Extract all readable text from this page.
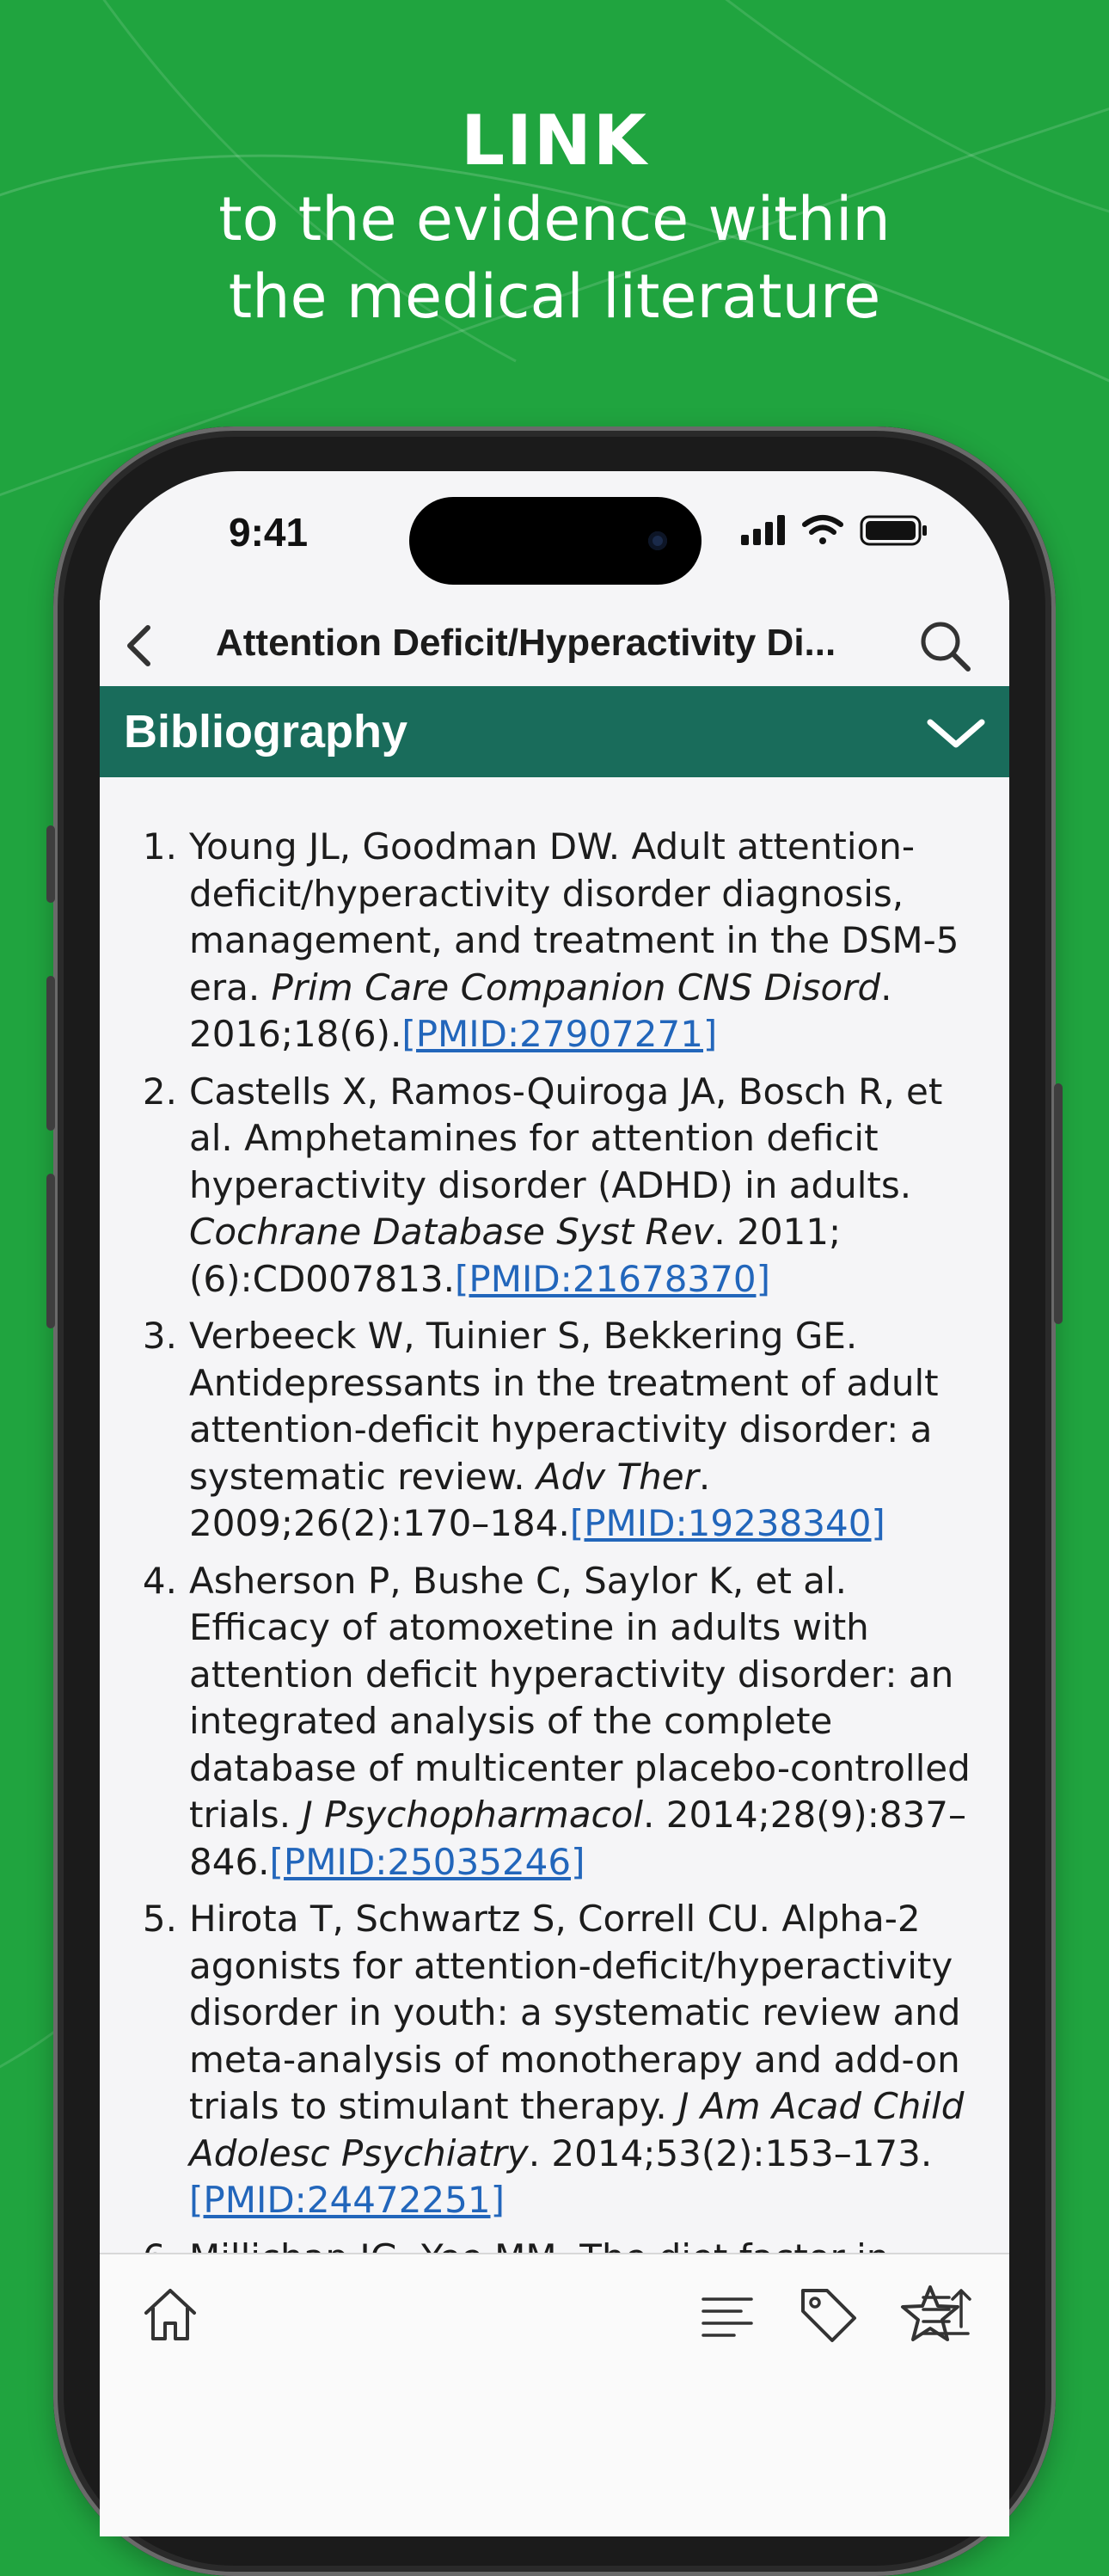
LINK
to the evidence within
the medical literature
9:41
Attention Deficit/Hyperactivity Di...
Bibliography
1. Young JL, Goodman DW. Adult attention-deficit/hyperactivity disorder diagnosis, management, and treatment in the DSM-5 era. Prim Care Companion CNS Disord. 2016;18(6).[PMID:27907271]
2. Castells X, Ramos-Quiroga JA, Bosch R, et al. Amphetamines for attention deficit hyperactivity disorder (ADHD) in adults. Cochrane Database Syst Rev. 2011;(6):CD007813.[PMID:21678370]
3. Verbeeck W, Tuinier S, Bekkering GE. Antidepressants in the treatment of adult attention-deficit hyperactivity disorder: a systematic review. Adv Ther. 2009;26(2):170–184.[PMID:19238340]
4. Asherson P, Bushe C, Saylor K, et al. Efficacy of atomoxetine in adults with attention deficit hyperactivity disorder: an integrated analysis of the complete database of multicenter placebo-controlled trials. J Psychopharmacol. 2014;28(9):837–846.[PMID:25035246]
5. Hirota T, Schwartz S, Correll CU. Alpha-2 agonists for attention-deficit/hyperactivity disorder in youth: a systematic review and meta-analysis of monotherapy and add-on trials to stimulant therapy. J Am Acad Child Adolesc Psychiatry. 2014;53(2):153–173.[PMID:24472251]
